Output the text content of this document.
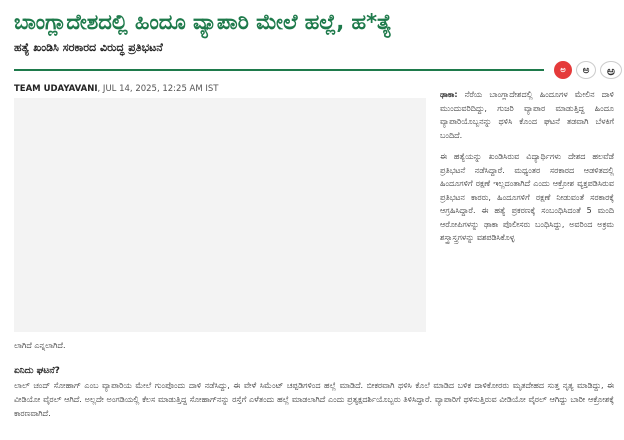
ಬಾಂಗ್ಲಾದೇಶದಲ್ಲಿ ಹಿಂದೂ ವ್ಯಾಪಾರಿ ಮೇಲೆ ಹಲ್ಲೆ, ಹ*ತ್ಯೆ
ಹತ್ಯೆ ಖಂಡಿಸಿ ಸರಕಾರದ ವಿರುದ್ಧ ಪ್ರತಿಭಟನೆ
ಅ	ಅ	ಅ
TEAM UDAYAVANI, JUL 14, 2025, 12:25 AM IST

ಢಾಕಾ: ನೆರೆಯ ಬಾಂಗ್ಲಾದೇಶದಲ್ಲಿ ಹಿಂದೂಗಳ ಮೇಲಿನ ದಾಳಿ ಮುಂದುವರಿದಿದ್ದು, ಗುಜರಿ ವ್ಯಾಪಾರ ಮಾಡುತ್ತಿದ್ದ ಹಿಂದೂ ವ್ಯಾಪಾರಿಯೊಬ್ಬನನ್ನು ಥಳಿಸಿ ಕೊಂದ ಘಟನೆ ತಡವಾಗಿ ಬೆಳಕಿಗೆ ಬಂದಿದೆ.

ಈ ಹತ್ಯೆಯನ್ನು ಖಂಡಿಸಿರುವ ವಿದ್ಯಾರ್ಥಿಗಳು ದೇಶದ ಹಲವೆಡೆ ಪ್ರತಿಭಟನೆ ನಡೆಸಿದ್ದಾರೆ. ಮಧ್ಯಂತರ ಸರಕಾರದ ಆಡಳಿತದಲ್ಲಿ ಹಿಂದೂಗಳಿಗೆ ರಕ್ಷಣೆ ಇಲ್ಲದಂತಾಗಿದೆ ಎಂದು ಆಕ್ರೋಶ ವ್ಯಕ್ತಪಡಿಸಿರುವ ಪ್ರತಿಭಟನ ಕಾರರು, ಹಿಂದೂಗಳಿಗೆ ರಕ್ಷಣೆ ನೀಡುವಂತೆ ಸರಕಾರಕ್ಕೆ ಆಗ್ರಹಿಸಿದ್ದಾರೆ. ಈ ಹತ್ಯೆ ಪ್ರಕರಣಕ್ಕೆ ಸಂಬಂಧಿಸಿದಂತೆ 5 ಮಂದಿ ಆರೋಪಿಗಳನ್ನು ಢಾಕಾ ಪೊಲೀಸರು ಬಂಧಿಸಿದ್ದು, ಅವರಿಂದ ಅಕ್ರಮ ಶಸ್ತ್ರಾಸ್ತ್ರಗಳನ್ನು ವಶಪಡಿಸಿಕೊಳ್ಳ

ಲಾಗಿದೆ ಎನ್ನಲಾಗಿದೆ.
ಏನಿದು ಘಟನೆ?
ಲಾಲ್ ಚಂದ್ ಸೋಹಾಗ್ ಎಂಬ ವ್ಯಾಪಾರಿಯ ಮೇಲೆ ಗುಂಪೊಂದು ದಾಳಿ ನಡೆಸಿದ್ದು, ಈ ವೇಳೆ ಸಿಮೆಂಟ್ ಚಪ್ಪಡಿಗಳಿಂದ ಹಲ್ಲೆ ಮಾಡಿದೆ. ಬೀಕರವಾಗಿ ಥಳಿಸಿ ಕೊಲೆ ಮಾಡಿದ ಬಳಿಕ ದಾಳಿಕೋರರು ಮೃತದೇಹದ ಸುತ್ತ ನೃತ್ಯ ಮಾಡಿದ್ದು, ಈ ವೀಡಿಯೋ ವೈರಲ್ ಆಗಿದೆ. ಅಲ್ಲದೇ ಅಂಗಡಿಯಲ್ಲಿ ಕೆಲಸ ಮಾಡುತ್ತಿದ್ದ ಸೋಹಾಗ್‌ನನ್ನು ರಸ್ತೆಗೆ ಎಳೆತಂದು ಹಲ್ಲೆ ಮಾಡಲಾಗಿದೆ ಎಂದು ಪ್ರತ್ಯಕ್ಷದರ್ಶಿಯೊಬ್ಬರು ತಿಳಿಸಿದ್ದಾರೆ. ವ್ಯಾಪಾರಿಗೆ ಥಳಿಸುತ್ತಿರುವ ವೀಡಿಯೋ ವೈರಲ್ ಆಗಿದ್ದು ಬಾರೀ ಆಕ್ರೋಶಕ್ಕೆ ಕಾರಣವಾಗಿದೆ.
